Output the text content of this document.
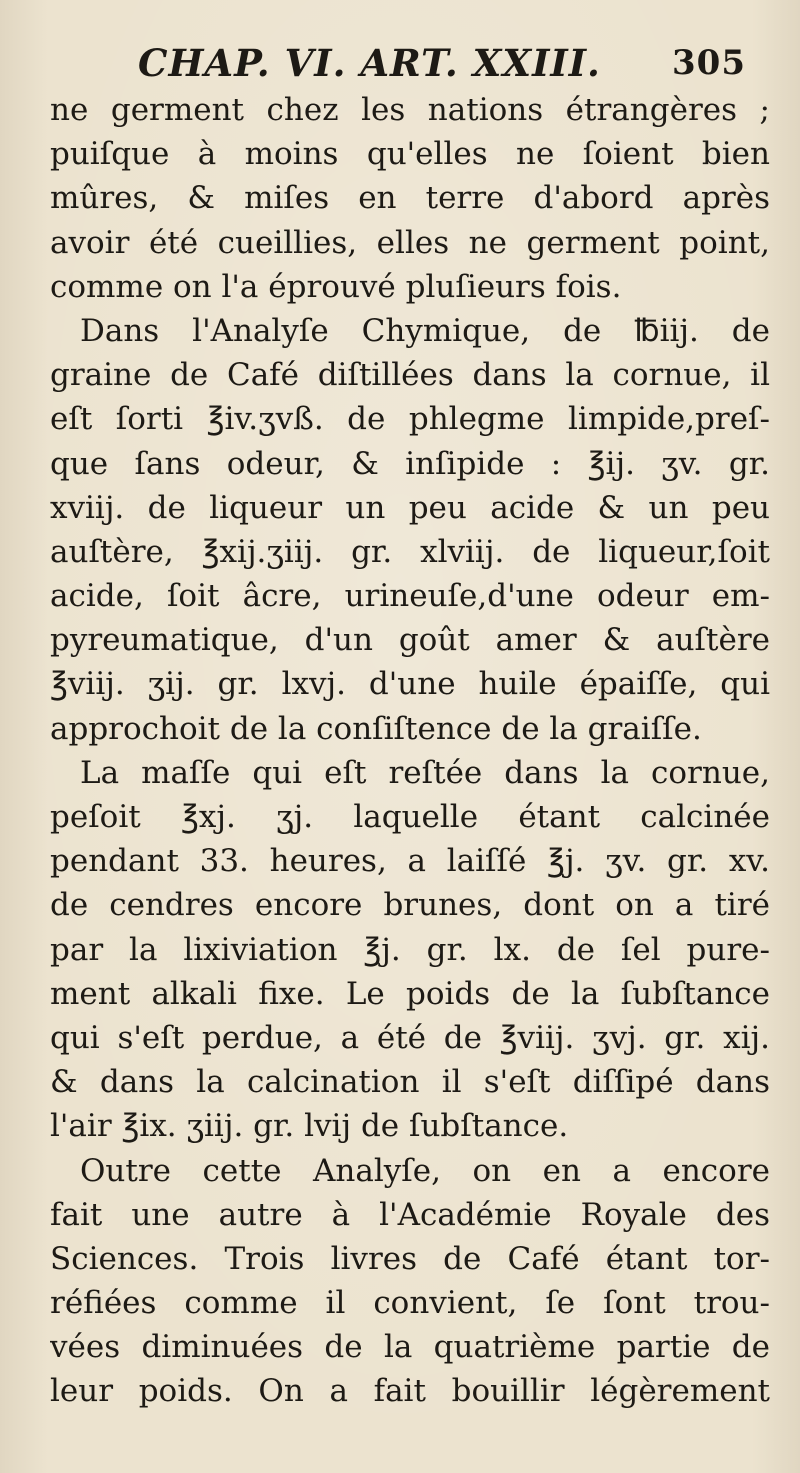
CHAP. VI. ART. XXIII. 305
ne germent chez les nations étrangères ;
puiſque à moins qu'elles ne ſoient bien
mûres, & miſes en terre d'abord après
avoir été cueillies, elles ne germent point,
comme on l'a éprouvé pluſieurs fois.
Dans l'Analyſe Chymique, de ℔iij. de
graine de Café diſtillées dans la cornue, il
eſt ſorti ℥iv.ʒvß. de phlegme limpide,preſ-
que ſans odeur, & inſipide : ℥ij. ʒv. gr.
xviij. de liqueur un peu acide & un peu
auſtère, ℥xij.ʒiij. gr. xlviij. de liqueur,ſoit
acide, ſoit âcre, urineuſe,d'une odeur em-
pyreumatique, d'un goût amer & auſtère
℥viij. ʒij. gr. lxvj. d'une huile épaiſſe, qui
approchoit de la conſiſtence de la graiſſe.
La maſſe qui eſt reſtée dans la cornue,
peſoit ℥xj. ʒj. laquelle étant calcinée
pendant 33. heures, a laiſſé ℥j. ʒv. gr. xv.
de cendres encore brunes, dont on a tiré
par la lixiviation ℥j. gr. lx. de ſel pure-
ment alkali fixe. Le poids de la ſubſtance
qui s'eſt perdue, a été de ℥viij. ʒvj. gr. xij.
& dans la calcination il s'eſt diſſipé dans
l'air ℥ix. ʒiij. gr. lvij de ſubſtance.
Outre cette Analyſe, on en a encore
fait une autre à l'Académie Royale des
Sciences. Trois livres de Café étant tor-
réfiées comme il convient, ſe ſont trou-
vées diminuées de la quatrième partie de
leur poids. On a fait bouillir légèrement
